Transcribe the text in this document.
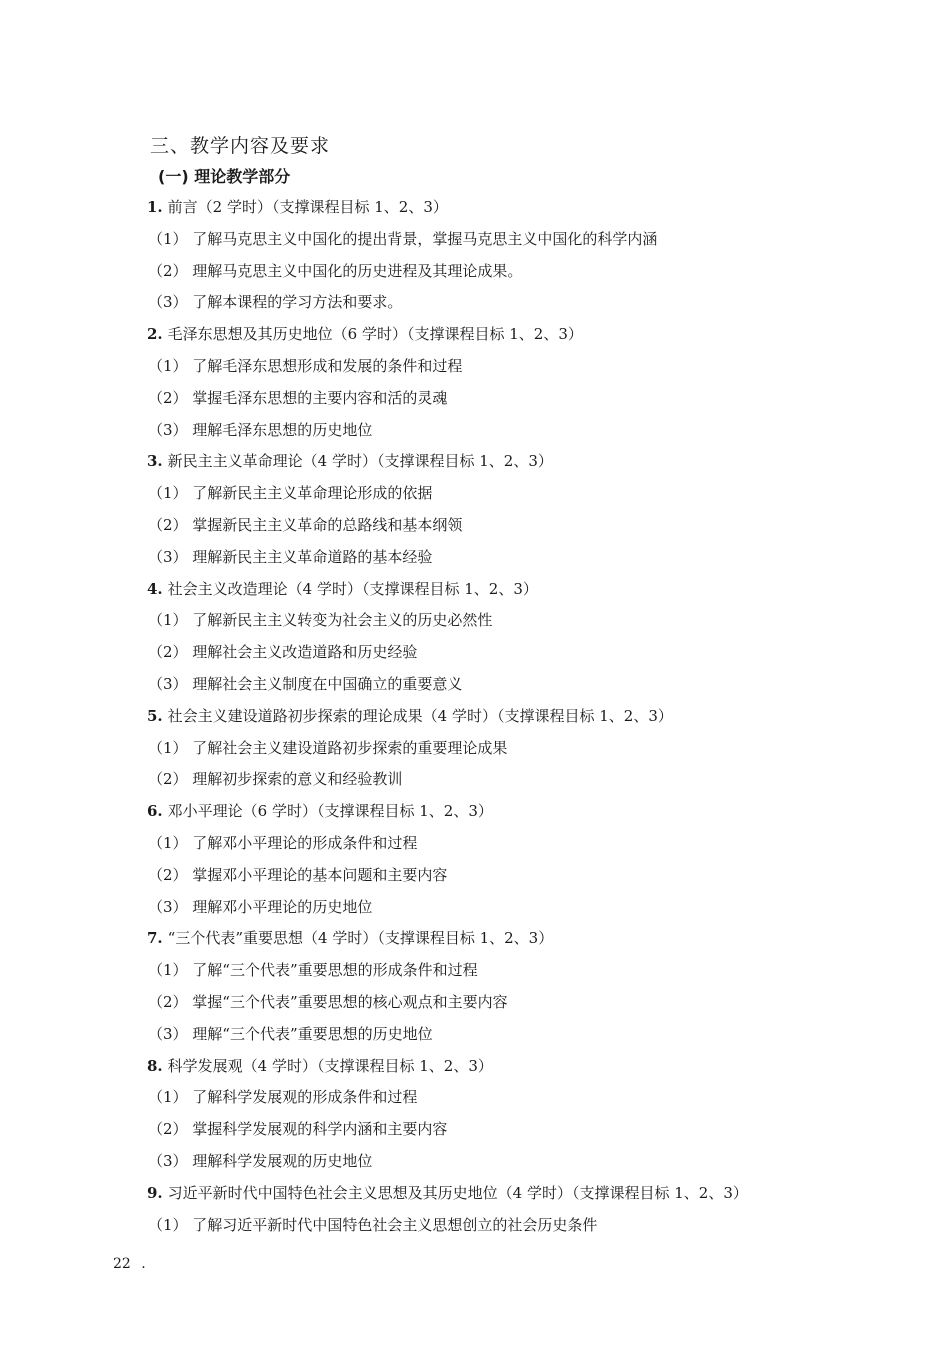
三、教学内容及要求
(一) 理论教学部分
1. 前言（2 学时）（支撑课程目标 1、2、3）
（1） 了解马克思主义中国化的提出背景，掌握马克思主义中国化的科学内涵
（2） 理解马克思主义中国化的历史进程及其理论成果。
（3） 了解本课程的学习方法和要求。
2. 毛泽东思想及其历史地位（6 学时）（支撑课程目标 1、2、3）
（1） 了解毛泽东思想形成和发展的条件和过程
（2） 掌握毛泽东思想的主要内容和活的灵魂
（3） 理解毛泽东思想的历史地位
3. 新民主主义革命理论（4 学时）（支撑课程目标 1、2、3）
（1） 了解新民主主义革命理论形成的依据
（2） 掌握新民主主义革命的总路线和基本纲领
（3） 理解新民主主义革命道路的基本经验
4. 社会主义改造理论（4 学时）（支撑课程目标 1、2、3）
（1） 了解新民主主义转变为社会主义的历史必然性
（2） 理解社会主义改造道路和历史经验
（3） 理解社会主义制度在中国确立的重要意义
5. 社会主义建设道路初步探索的理论成果（4 学时）（支撑课程目标 1、2、3）
（1） 了解社会主义建设道路初步探索的重要理论成果
（2） 理解初步探索的意义和经验教训
6. 邓小平理论（6 学时）（支撑课程目标 1、2、3）
（1） 了解邓小平理论的形成条件和过程
（2） 掌握邓小平理论的基本问题和主要内容
（3） 理解邓小平理论的历史地位
7. “三个代表”重要思想（4 学时）（支撑课程目标 1、2、3）
（1） 了解“三个代表”重要思想的形成条件和过程
（2） 掌握“三个代表”重要思想的核心观点和主要内容
（3） 理解“三个代表”重要思想的历史地位
8. 科学发展观（4 学时）（支撑课程目标 1、2、3）
（1） 了解科学发展观的形成条件和过程
（2） 掌握科学发展观的科学内涵和主要内容
（3） 理解科学发展观的历史地位
9. 习近平新时代中国特色社会主义思想及其历史地位（4 学时）（支撑课程目标 1、2、3）
（1） 了解习近平新时代中国特色社会主义思想创立的社会历史条件
22 .
